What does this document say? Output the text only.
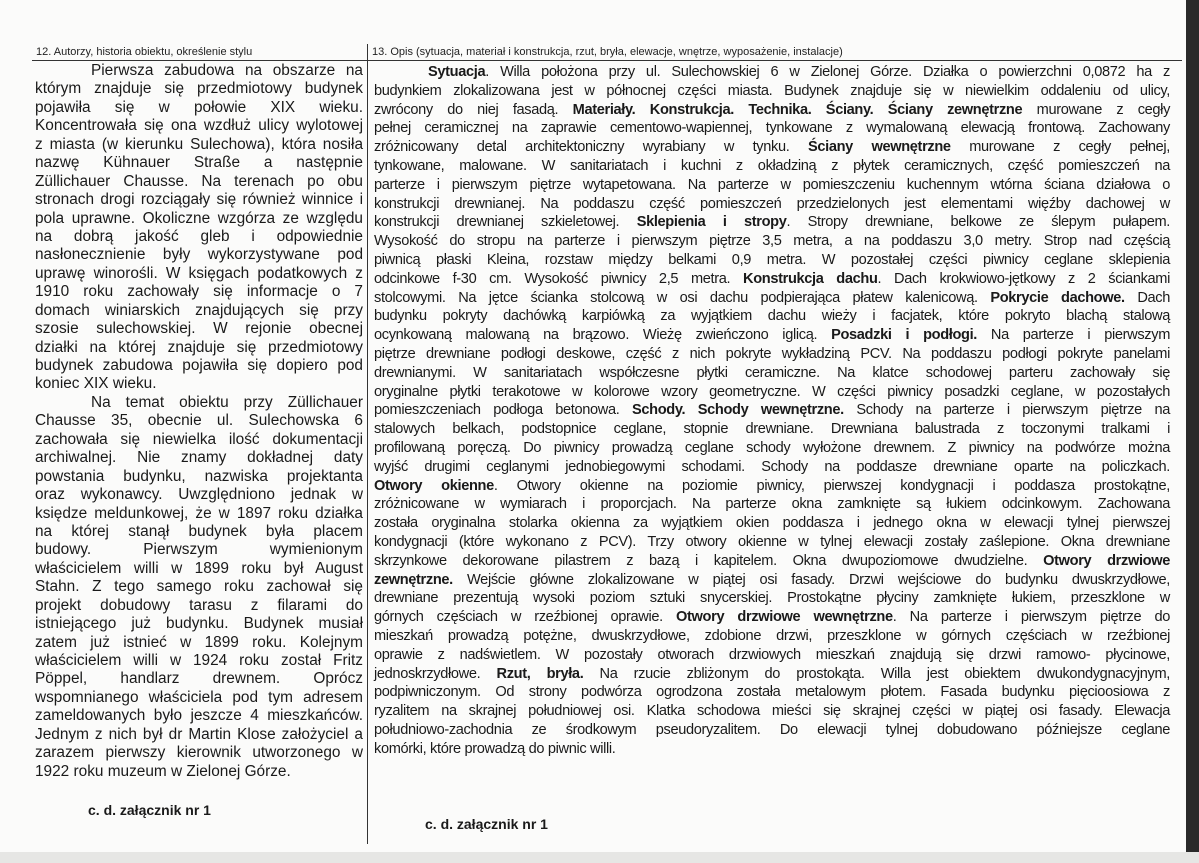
12. Autorzy, historia obiektu, określenie stylu	13. Opis (sytuacja, materiał i konstrukcja, rzut, bryła, elewacje, wnętrze, wyposażenie, instalacje)
Pierwsza zabudowa na obszarze na
którym znajduje się przedmiotowy budynek
pojawiła się w połowie XIX wieku.
Koncentrowała się ona wzdłuż ulicy wylotowej
z miasta (w kierunku Sulechowa), która nosiła
nazwę Kühnauer Straße a następnie
Züllichauer Chausse. Na terenach po obu
stronach drogi rozciągały się również winnice i
pola uprawne. Okoliczne wzgórza ze względu
na dobrą jakość gleb i odpowiednie
nasłonecznienie były wykorzystywane pod
uprawę winorośli. W księgach podatkowych z
1910 roku zachowały się informacje o 7
domach winiarskich znajdujących się przy
szosie sulechowskiej. W rejonie obecnej
działki na której znajduje się przedmiotowy
budynek zabudowa pojawiła się dopiero pod
koniec XIX wieku.
Na temat obiektu przy Züllichauer
Chausse 35, obecnie ul. Sulechowska 6
zachowała się niewielka ilość dokumentacji
archiwalnej. Nie znamy dokładnej daty
powstania budynku, nazwiska projektanta
oraz wykonawcy. Uwzględniono jednak w
księdze meldunkowej, że w 1897 roku działka
na której stanął budynek była placem
budowy. Pierwszym wymienionym
właścicielem willi w 1899 roku był August
Stahn. Z tego samego roku zachował się
projekt dobudowy tarasu z filarami do
istniejącego już budynku. Budynek musiał
zatem już istnieć w 1899 roku. Kolejnym
właścicielem willi w 1924 roku został Fritz
Pöppel, handlarz drewnem. Oprócz
wspomnianego właściciela pod tym adresem
zameldowanych było jeszcze 4 mieszkańców.
Jednym z nich był dr Martin Klose założyciel a
zarazem pierwszy kierownik utworzonego w
1922 roku muzeum w Zielonej Górze.
Sytuacja. Willa położona przy ul. Sulechowskiej 6 w Zielonej Górze. Działka o powierzchni 0,0872 ha z
budynkiem zlokalizowana jest w północnej części miasta. Budynek znajduje się w niewielkim oddaleniu od ulicy,
zwrócony do niej fasadą. Materiały. Konstrukcja. Technika. Ściany. Ściany zewnętrzne murowane z cegły
pełnej ceramicznej na zaprawie cementowo-wapiennej, tynkowane z wymalowaną elewacją frontową. Zachowany
zróżnicowany detal architektoniczny wyrabiany w tynku. Ściany wewnętrzne murowane z cegły pełnej,
tynkowane, malowane. W sanitariatach i kuchni z okładziną z płytek ceramicznych, część pomieszczeń na
parterze i pierwszym piętrze wytapetowana. Na parterze w pomieszczeniu kuchennym wtórna ściana działowa o
konstrukcji drewnianej. Na poddaszu część pomieszczeń przedzielonych jest elementami więźby dachowej w
konstrukcji drewnianej szkieletowej. Sklepienia i stropy. Stropy drewniane, belkowe ze ślepym pułapem.
Wysokość do stropu na parterze i pierwszym piętrze 3,5 metra, a na poddaszu 3,0 metry. Strop nad częścią
piwnicą płaski Kleina, rozstaw między belkami 0,9 metra. W pozostałej części piwnicy ceglane sklepienia
odcinkowe f-30 cm. Wysokość piwnicy 2,5 metra. Konstrukcja dachu. Dach krokwiowo-jętkowy z 2 ściankami
stolcowymi. Na jętce ścianka stolcową w osi dachu podpierająca płatew kalenicową. Pokrycie dachowe. Dach
budynku pokryty dachówką karpiówką za wyjątkiem dachu wieży i facjatek, które pokryto blachą stalową
ocynkowaną malowaną na brązowo. Wieżę zwieńczono iglicą. Posadzki i podłogi. Na parterze i pierwszym
piętrze drewniane podłogi deskowe, część z nich pokryte wykładziną PCV. Na poddaszu podłogi pokryte panelami
drewnianymi. W sanitariatach współczesne płytki ceramiczne. Na klatce schodowej parteru zachowały się
oryginalne płytki terakotowe w kolorowe wzory geometryczne. W części piwnicy posadzki ceglane, w pozostałych
pomieszczeniach podłoga betonowa. Schody. Schody wewnętrzne. Schody na parterze i pierwszym piętrze na
stalowych belkach, podstopnice ceglane, stopnie drewniane. Drewniana balustrada z toczonymi tralkami i
profilowaną poręczą. Do piwnicy prowadzą ceglane schody wyłożone drewnem. Z piwnicy na podwórze można
wyjść drugimi ceglanymi jednobiegowymi schodami. Schody na poddasze drewniane oparte na policzkach.
Otwory okienne. Otwory okienne na poziomie piwnicy, pierwszej kondygnacji i poddasza prostokątne,
zróżnicowane w wymiarach i proporcjach. Na parterze okna zamknięte są łukiem odcinkowym. Zachowana
została oryginalna stolarka okienna za wyjątkiem okien poddasza i jednego okna w elewacji tylnej pierwszej
kondygnacji (które wykonano z PCV). Trzy otwory okienne w tylnej elewacji zostały zaślepione. Okna drewniane
skrzynkowe dekorowane pilastrem z bazą i kapitelem. Okna dwupoziomowe dwudzielne. Otwory drzwiowe
zewnętrzne. Wejście główne zlokalizowane w piątej osi fasady. Drzwi wejściowe do budynku dwuskrzydłowe,
drewniane prezentują wysoki poziom sztuki snycerskiej. Prostokątne płyciny zamknięte łukiem, przeszklone w
górnych częściach w rzeźbionej oprawie. Otwory drzwiowe wewnętrzne. Na parterze i pierwszym piętrze do
mieszkań prowadzą potężne, dwuskrzydłowe, zdobione drzwi, przeszklone w górnych częściach w rzeźbionej
oprawie z nadświetlem. W pozostały otworach drzwiowych mieszkań znajdują się drzwi ramowo- płycinowe,
jednoskrzydłowe. Rzut, bryła. Na rzucie zbliżonym do prostokąta. Willa jest obiektem dwukondygnacyjnym,
podpiwniczonym. Od strony podwórza ogrodzona została metalowym płotem. Fasada budynku pięcioosiowa z
ryzalitem na skrajnej południowej osi. Klatka schodowa mieści się skrajnej części w piątej osi fasady. Elewacja
południowo-zachodnia ze środkowym pseudoryzalitem. Do elewacji tylnej dobudowano późniejsze ceglane
komórki, które prowadzą do piwnic willi.
c. d. załącznik nr 1
c. d. załącznik nr 1
